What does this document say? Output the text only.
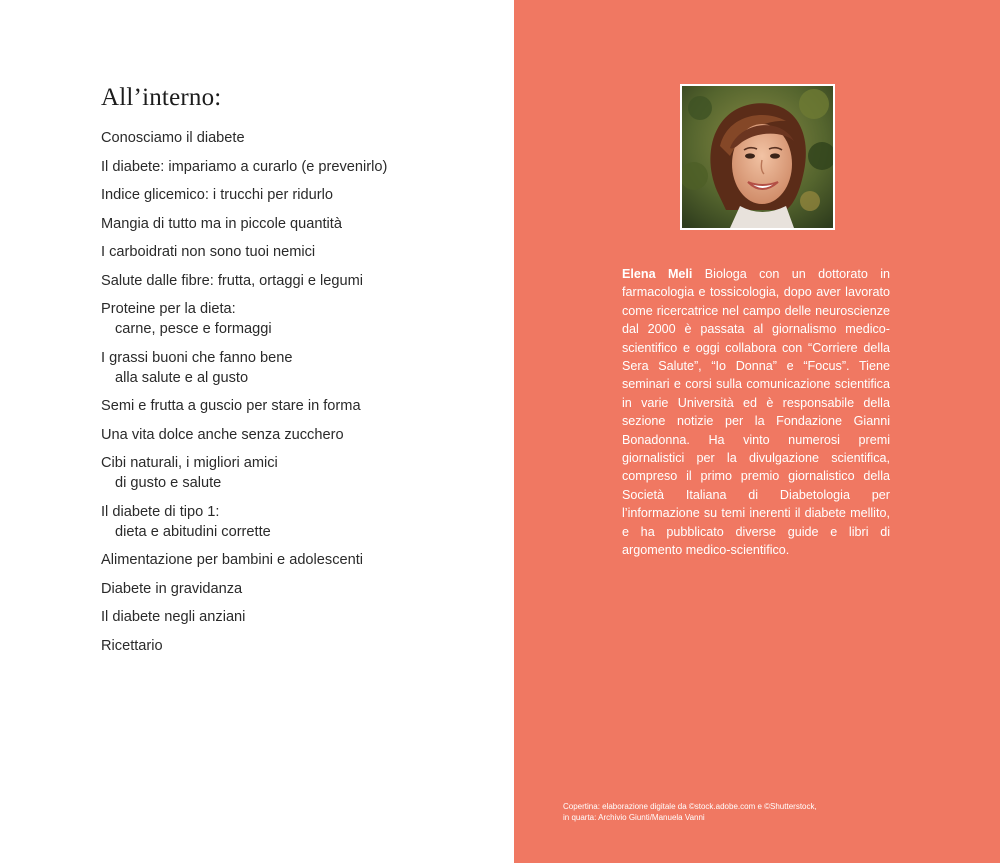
All’interno:
Conosciamo il diabete
Il diabete: impariamo a curarlo (e prevenirlo)
Indice glicemico: i trucchi per ridurlo
Mangia di tutto ma in piccole quantità
I carboidrati non sono tuoi nemici
Salute dalle fibre: frutta, ortaggi e legumi
Proteine per la dieta:
carne, pesce e formaggi
I grassi buoni che fanno bene
alla salute e al gusto
Semi e frutta a guscio per stare in forma
Una vita dolce anche senza zucchero
Cibi naturali, i migliori amici
di gusto e salute
Il diabete di tipo 1:
dieta e abitudini corrette
Alimentazione per bambini e adolescenti
Diabete in gravidanza
Il diabete negli anziani
Ricettario

Elena Meli Biologa con un dottorato in farmacologia e tossicologia, dopo aver lavorato come ricercatrice nel campo delle neuroscienze dal 2000 è passata al giornalismo medico-scientifico e oggi collabora con “Corriere della Sera Salute”, “Io Donna” e “Focus”. Tiene seminari e corsi sulla comunicazione scientifica in varie Università ed è responsabile della sezione notizie per la Fondazione Gianni Bonadonna. Ha vinto numerosi premi giornalistici per la divulgazione scientifica, compreso il primo premio giornalistico della Società Italiana di Diabetologia per l’informazione su temi inerenti il diabete mellito, e ha pubblicato diverse guide e libri di argomento medico-scientifico.

Copertina: elaborazione digitale da ©stock.adobe.com e ©Shutterstock,
in quarta: Archivio Giunti/Manuela Vanni
